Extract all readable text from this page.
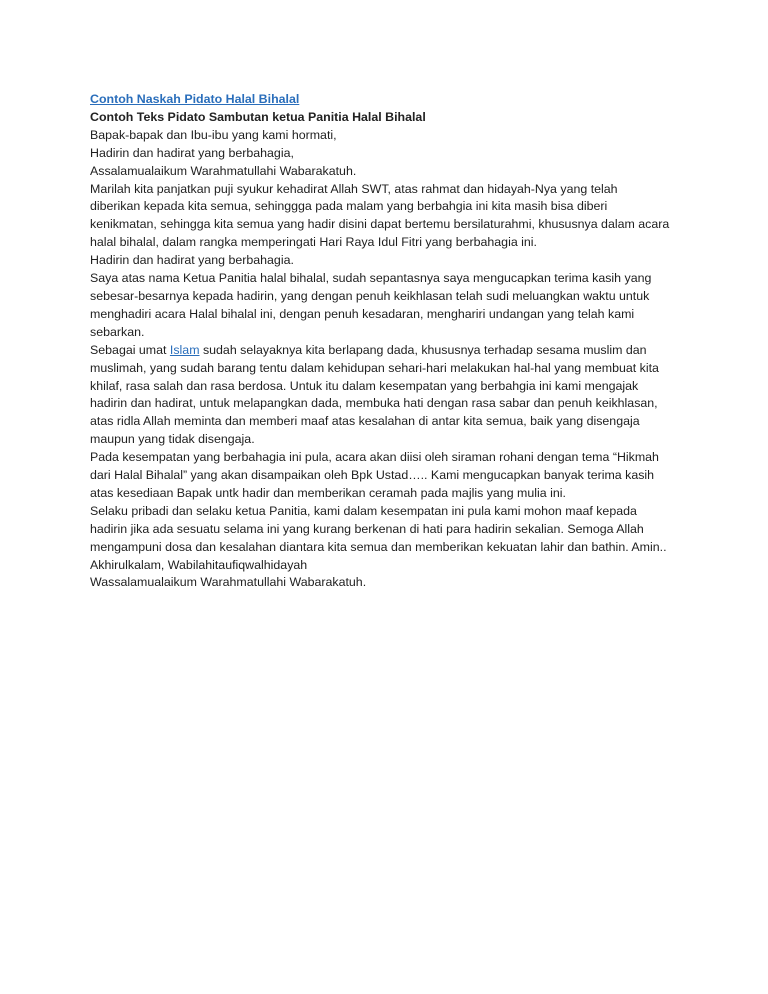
Contoh Naskah Pidato Halal Bihalal
Contoh Teks Pidato Sambutan ketua Panitia Halal Bihalal
Bapak-bapak dan Ibu-ibu yang kami hormati,
Hadirin dan hadirat yang berbahagia,
Assalamualaikum Warahmatullahi Wabarakatuh.
Marilah kita panjatkan puji syukur kehadirat Allah SWT, atas rahmat dan hidayah-Nya yang telah
diberikan kepada kita semua, sehinggga pada malam yang berbahgia ini kita masih bisa diberi
kenikmatan, sehingga kita semua yang hadir disini dapat bertemu bersilaturahmi, khususnya dalam acara
halal bihalal, dalam rangka memperingati Hari Raya Idul Fitri yang berbahagia ini.
Hadirin dan hadirat yang berbahagia.
Saya atas nama Ketua Panitia halal bihalal, sudah sepantasnya saya mengucapkan terima kasih yang
sebesar-besarnya kepada hadirin, yang dengan penuh keikhlasan telah sudi meluangkan waktu untuk
menghadiri acara Halal bihalal ini, dengan penuh kesadaran, menghariri undangan yang telah kami
sebarkan.
Sebagai umat Islam sudah selayaknya kita berlapang dada, khususnya terhadap sesama muslim dan
muslimah, yang sudah barang tentu dalam kehidupan sehari-hari melakukan hal-hal yang membuat kita
khilaf, rasa salah dan rasa berdosa. Untuk itu dalam kesempatan yang berbahgia ini kami mengajak
hadirin dan hadirat, untuk melapangkan dada, membuka hati dengan rasa sabar dan penuh keikhlasan,
atas ridla Allah meminta dan memberi maaf atas kesalahan di antar kita semua, baik yang disengaja
maupun yang tidak disengaja.
Pada kesempatan yang berbahagia ini pula, acara akan diisi oleh siraman rohani dengan tema “Hikmah
dari Halal Bihalal” yang akan disampaikan oleh Bpk Ustad….. Kami mengucapkan banyak terima kasih
atas kesediaan Bapak untk hadir dan memberikan ceramah pada majlis yang mulia ini.
Selaku pribadi dan selaku ketua Panitia, kami dalam kesempatan ini pula kami mohon maaf kepada
hadirin jika ada sesuatu selama ini yang kurang berkenan di hati para hadirin sekalian. Semoga Allah
mengampuni dosa dan kesalahan diantara kita semua dan memberikan kekuatan lahir dan bathin. Amin..
Akhirulkalam, Wabilahitaufiqwalhidayah
Wassalamualaikum Warahmatullahi Wabarakatuh.
